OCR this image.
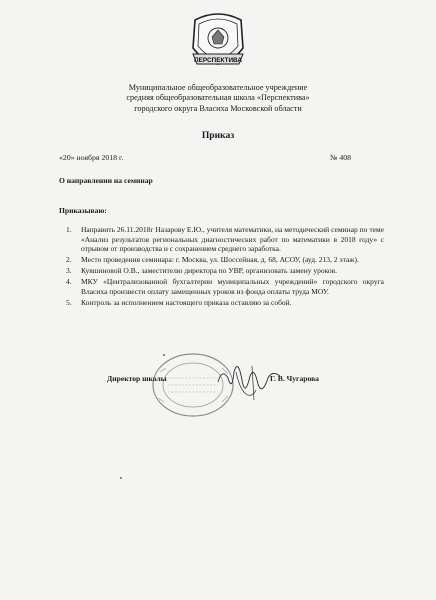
ПЕРСПЕКТИВА
Муниципальное общеобразовательное учреждение
средняя общеобразовательная школа «Перспектива»
городского округа Власиха Московской области
Приказ
«20» ноября 2018 г.	№ 408
О направлении на семинар
Приказываю:
1. Направить 26.11.2018г Назарову Е.Ю., учителя математики, на методический семинар по теме «Анализ результатов региональных диагностических работ по математики в 2018 году» с отрывом от производства и с сохранением среднего заработка.
2. Место проведения семинара: г. Москва, ул. Шоссейная, д. 68, АСОУ, (ауд. 213, 2 этаж).
3. Кувшиновой О.В., заместителю директора по УВР, организовать замену уроков.
4. МКУ «Централизованной бухгалтерии муниципальных учреждений» городского округа Власиха произвести оплату замещенных уроков из фонда оплаты труда МОУ.
5. Контроль за исполнением настоящего приказа оставляю за собой.
Директор школы	Г. В. Чугарова
